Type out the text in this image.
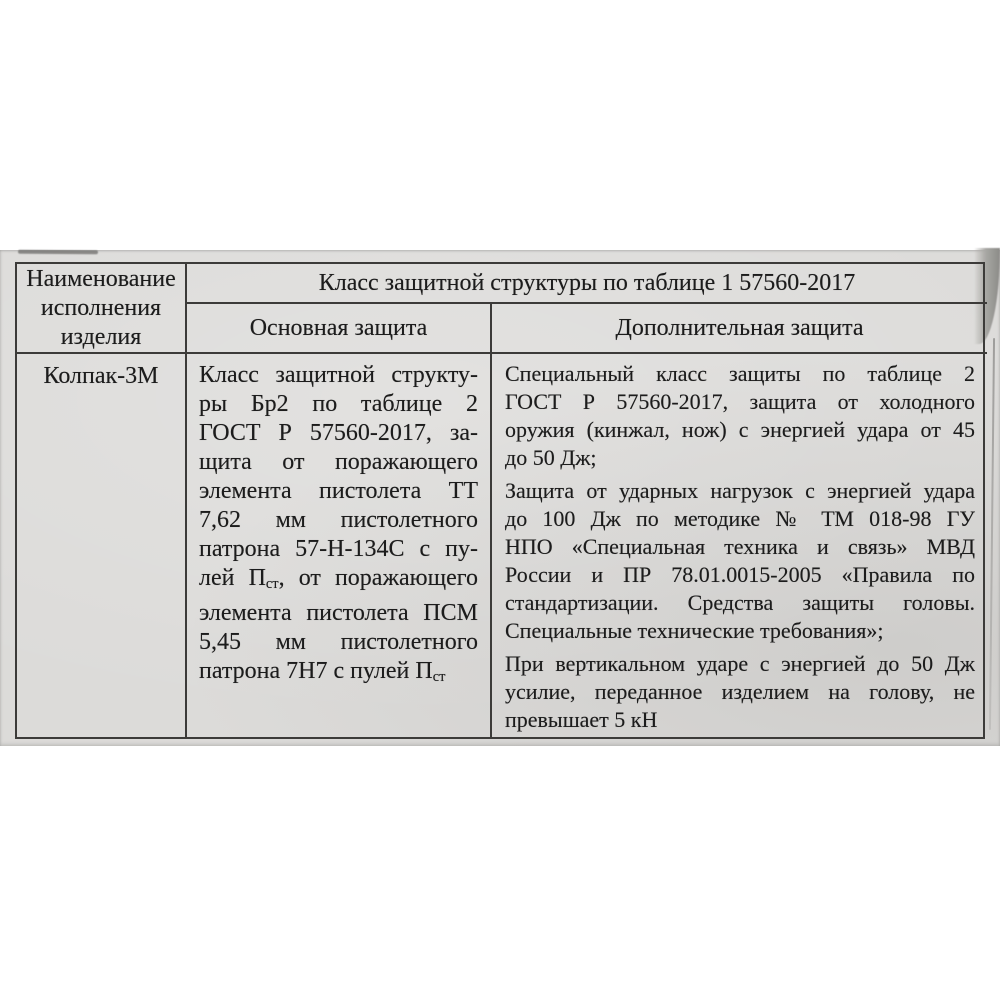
Наименование исполнения изделия
Класс защитной структуры по таблице 1 57560-2017
Основная защита	Дополнительная защита
Колпак-3М	Класс защитной структу-
ры Бр2 по таблице 2
ГОСТ Р 57560-2017, за-
щита от поражающего
элемента пистолета ТТ
7,62 мм пистолетного
патрона 57-Н-134С с пу-
лей $П_{ст}$, от поражающего
элемента пистолета ПСМ
5,45 мм пистолетного
патрона 7Н7 с пулей $П_{ст}$
Специальный класс защиты по таблице 2
ГОСТ Р 57560-2017, защита от холодного
оружия (кинжал, нож) с энергией удара от 45
до 50 Дж;
Защита от ударных нагрузок с энергией удара
до 100 Дж по методике № ТМ 018-98 ГУ
НПО «Специальная техника и связь» МВД
России и ПР 78.01.0015-2005 «Правила по
стандартизации. Средства защиты головы.
Специальные технические требования»;
При вертикальном ударе с энергией до 50 Дж
усилие, переданное изделием на голову, не
превышает 5 кН
